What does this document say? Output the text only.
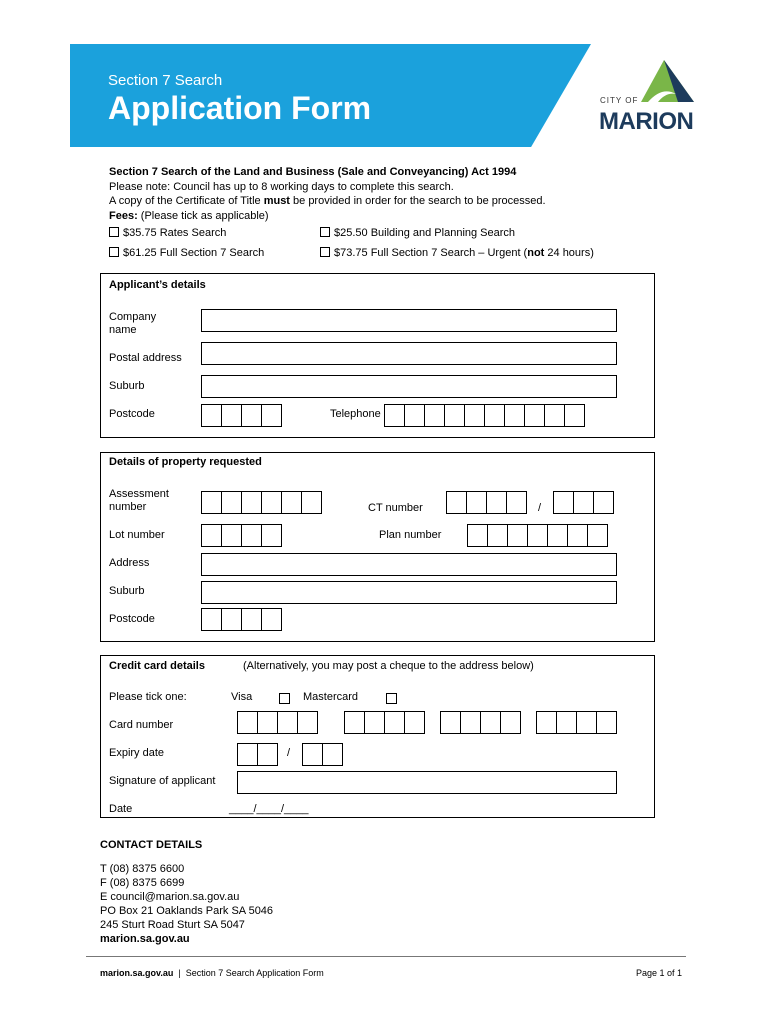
Section 7 Search
Application Form	CITY OF
MARION
Section 7 Search of the Land and Business (Sale and Conveyancing) Act 1994
Please note: Council has up to 8 working days to complete this search.
A copy of the Certificate of Title must be provided in order for the search to be processed.
Fees: (Please tick as applicable)
$35.75 Rates Search	$25.50 Building and Planning Search
$61.25 Full Section 7 Search	$73.75 Full Section 7 Search – Urgent (not 24 hours)
Applicant’s details
Company
name
Postal address
Suburb
Postcode	Telephone
Details of property requested
Assessment
number	CT number	/
Lot number	Plan number
Address
Suburb
Postcode
Credit card details	(Alternatively, you may post a cheque to the address below)
Please tick one:	Visa	Mastercard
Card number
Expiry date	/
Signature of applicant
Date	____/____/____
CONTACT DETAILS
T (08) 8375 6600
F (08) 8375 6699
E council@marion.sa.gov.au
PO Box 21 Oaklands Park SA 5046
245 Sturt Road Sturt SA 5047
marion.sa.gov.au
marion.sa.gov.au  |  Section 7 Search Application Form	Page 1 of 1
